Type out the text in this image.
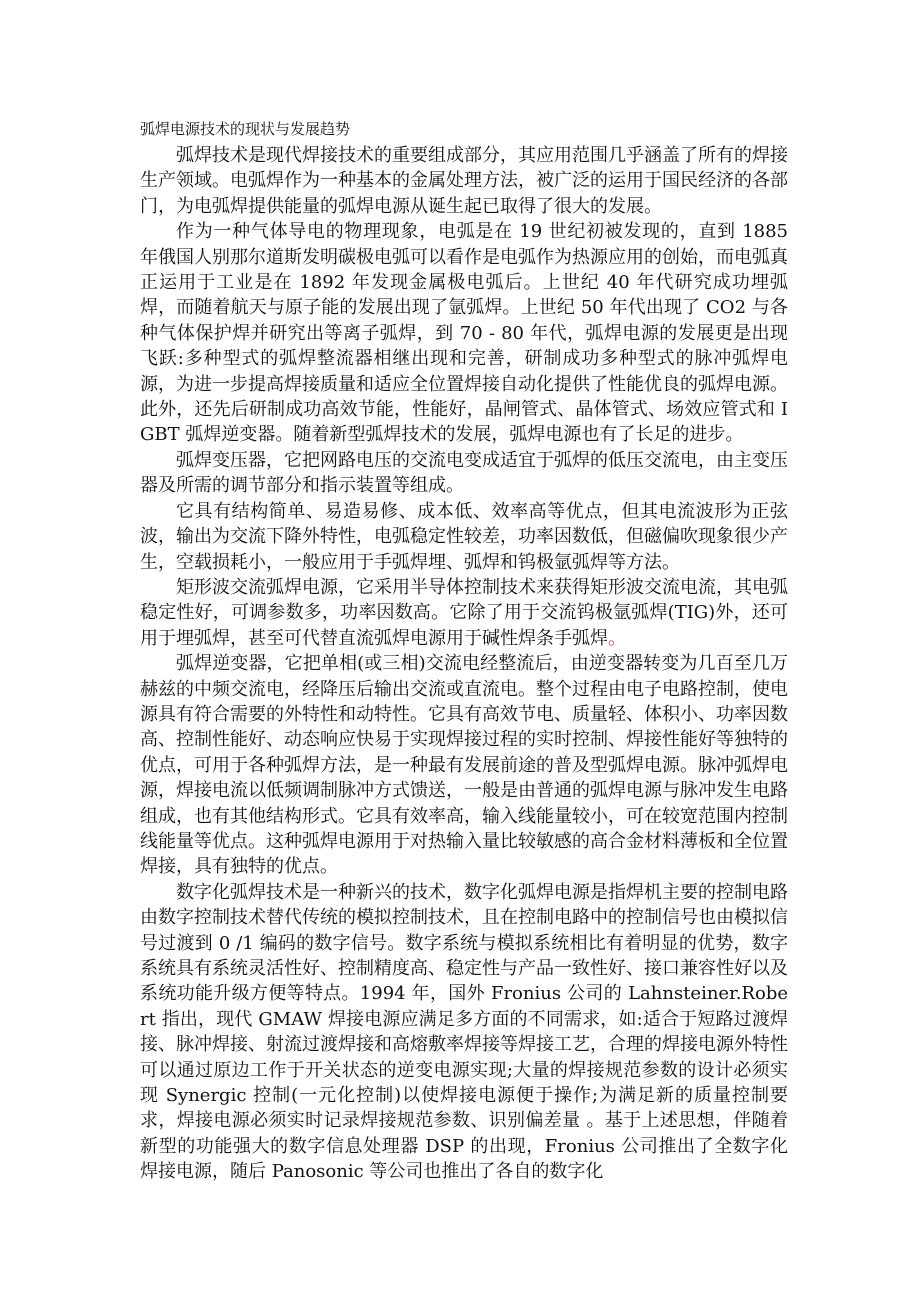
弧焊电源技术的现状与发展趋势

弧焊技术是现代焊接技术的重要组成部分，其应用范围几乎涵盖了所有的焊接生产领域。电弧焊作为一种基本的金属处理方法，被广泛的运用于国民经济的各部门，为电弧焊提供能量的弧焊电源从诞生起已取得了很大的发展。

作为一种气体导电的物理现象，电弧是在 19 世纪初被发现的，直到 1885 年俄国人别那尔道斯发明碳极电弧可以看作是电弧作为热源应用的创始，而电弧真正运用于工业是在 1892 年发现金属极电弧后。上世纪 40 年代研究成功埋弧焊，而随着航天与原子能的发展出现了氩弧焊。上世纪 50 年代出现了 CO2 与各种气体保护焊并研究出等离子弧焊，到 70 - 80 年代，弧焊电源的发展更是出现飞跃:多种型式的弧焊整流器相继出现和完善，研制成功多种型式的脉冲弧焊电源，为进一步提高焊接质量和适应全位置焊接自动化提供了性能优良的弧焊电源。此外，还先后研制成功高效节能，性能好，晶闸管式、晶体管式、场效应管式和 IGBT 弧焊逆变器。随着新型弧焊技术的发展，弧焊电源也有了长足的进步。

弧焊变压器，它把网路电压的交流电变成适宜于弧焊的低压交流电，由主变压器及所需的调节部分和指示装置等组成。

它具有结构简单、易造易修、成本低、效率高等优点，但其电流波形为正弦波，输出为交流下降外特性，电弧稳定性较差，功率因数低，但磁偏吹现象很少产生，空载损耗小，一般应用于手弧焊埋、弧焊和钨极氩弧焊等方法。

矩形波交流弧焊电源，它采用半导体控制技术来获得矩形波交流电流，其电弧稳定性好，可调参数多，功率因数高。它除了用于交流钨极氩弧焊(TIG)外，还可用于埋弧焊，甚至可代替直流弧焊电源用于碱性焊条手弧焊。

弧焊逆变器，它把单相(或三相)交流电经整流后，由逆变器转变为几百至几万赫兹的中频交流电，经降压后输出交流或直流电。整个过程由电子电路控制，使电源具有符合需要的外特性和动特性。它具有高效节电、质量轻、体积小、功率因数高、控制性能好、动态响应快易于实现焊接过程的实时控制、焊接性能好等独特的优点，可用于各种弧焊方法，是一种最有发展前途的普及型弧焊电源。脉冲弧焊电源，焊接电流以低频调制脉冲方式馈送，一般是由普通的弧焊电源与脉冲发生电路组成，也有其他结构形式。它具有效率高，输入线能量较小，可在较宽范围内控制线能量等优点。这种弧焊电源用于对热输入量比较敏感的高合金材料薄板和全位置焊接，具有独特的优点。

数字化弧焊技术是一种新兴的技术，数字化弧焊电源是指焊机主要的控制电路由数字控制技术替代传统的模拟控制技术，且在控制电路中的控制信号也由模拟信号过渡到 0 /1 编码的数字信号。数字系统与模拟系统相比有着明显的优势，数字系统具有系统灵活性好、控制精度高、稳定性与产品一致性好、接口兼容性好以及系统功能升级方便等特点。1994 年，国外 Fronius 公司的 Lahnsteiner.Robert 指出，现代 GMAW 焊接电源应满足多方面的不同需求，如:适合于短路过渡焊接、脉冲焊接、射流过渡焊接和高熔敷率焊接等焊接工艺，合理的焊接电源外特性可以通过原边工作于开关状态的逆变电源实现;大量的焊接规范参数的设计必须实现 Synergic 控制(一元化控制)以使焊接电源便于操作;为满足新的质量控制要求，焊接电源必须实时记录焊接规范参数、识别偏差量 。基于上述思想，伴随着新型的功能强大的数字信息处理器 DSP 的出现，Fronius 公司推出了全数字化焊接电源，随后 Panosonic 等公司也推出了各自的数字化
